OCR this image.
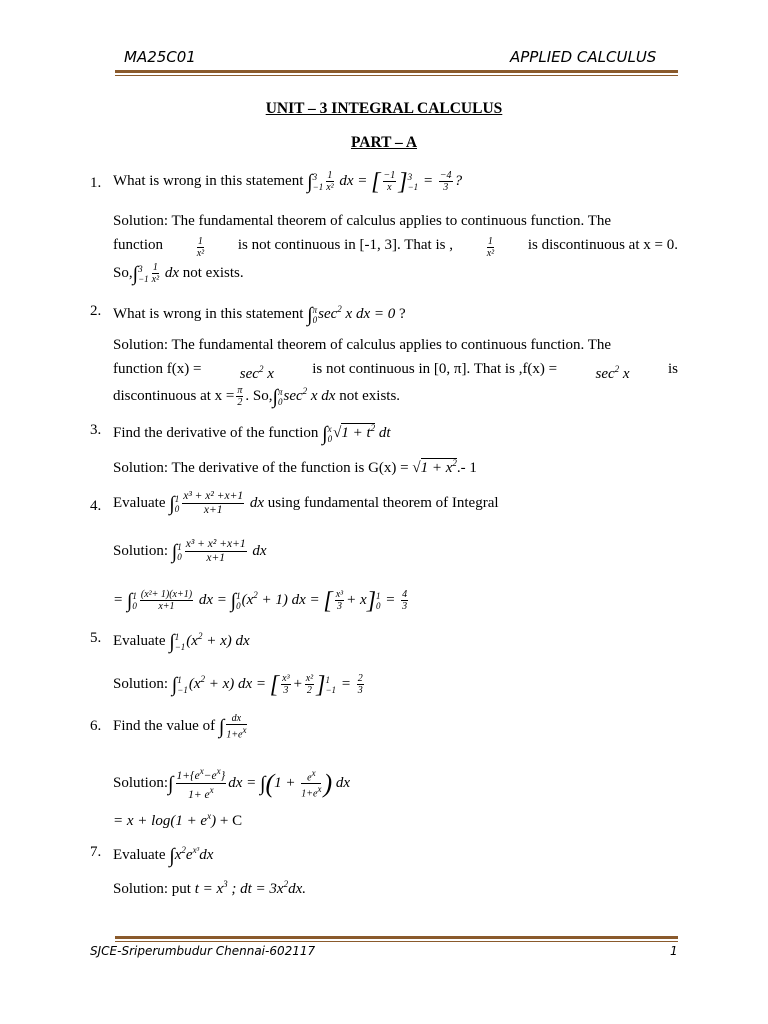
MA25C01	APPLIED CALCULUS
UNIT – 3 INTEGRAL CALCULUS
PART – A
1. What is wrong in this statement ∫3
$-1 \frac{1}{\text{x²}}$ dx = [ $\frac{-1}{x} ]3$
$-1 = \frac{-4}{3}$ ?
Solution: The fundamental theorem of calculus applies to continuous function. The
function	1
x²
is not continuous in [-1, 3]. That is ,	1
x²
is discontinuous at x = 0.
So,∫3
$-1 \frac{1}{\text{x²}}$ dx not exists.
2. What is wrong in this statement ∫π
$0\sec^2$ x dx = 0 ?
Solution: The fundamental theorem of calculus applies to continuous function. The
function f(x) =	$\sec^2 x$	is not continuous in [0, π]. That is ,f(x) =	$\sec^2 x$	is
discontinuous at $x = \frac{\pi}{2}$ . So,∫π
$0\sec^2$ x dx not exists.
3. Find the derivative of the function ∫x
$0√1 + t^2$ dt
Solution: The derivative of the function is $G(x) = √1 + x^2.-$ 1
4. Evaluate ∫1
$0 \frac{\text{x³ + x² +x+1}}{x+1}$ dx using fundamental theorem of Integral
Solution: ∫1
$0 \frac{\text{x³ + x² +x+1}}{x+1}$ dx
= ∫1
$0 \frac{\text{(x²+ 1)(x+1)}}{x+1}$ dx = ∫1
$0(x^2 + 1)$ dx = [ $\frac{\text{x³}}{3} + x]1$
$0 = \frac{4}{3}$
5. Evaluate ∫1
$-1(x^2 + x)$ dx
Solution: ∫1
$-1(x^2 + x)$ dx = [ $\frac{\text{x³}}{3} + \frac{\text{x²}}{2} ]1$
$-1 = \frac{2}{3}$
6. Find the value of ∫ $\frac{dx}{1+e^x}$
Solution:∫ $\frac{1+\{e^x-e^x\}}{1+ e^x}$ dx = $\int(1 + \frac{e^x}{1+e^x}$ ) dx
= $x + \log(1 + e^x) + C$
7. Evaluate $\int x^2e^{x^3}dx$
Solution: put $t = x^3$ ; dt = $3x^2dx$.
SJCE-Sriperumbudur Chennai-602117	1
